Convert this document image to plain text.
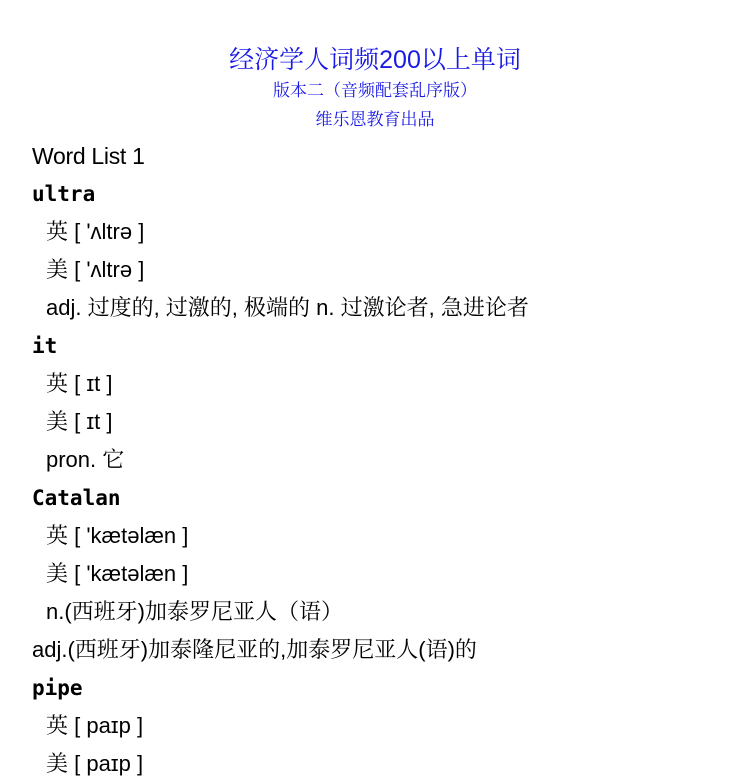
经济学人词频200以上单词
版本二（音频配套乱序版）
维乐恩教育出品
Word List 1
ultra
英 [ 'ʌltrə ]
美 [ 'ʌltrə ]
adj. 过度的, 过激的, 极端的 n. 过激论者, 急进论者
it
英 [ ɪt ]
美 [ ɪt ]
pron. 它
Catalan
英 [ 'kætəlæn ]
美 [ 'kætəlæn ]
n.(西班牙)加泰罗尼亚人（语）
adj.(西班牙)加泰隆尼亚的,加泰罗尼亚人(语)的
pipe
英 [ paɪp ]
美 [ paɪp ]
